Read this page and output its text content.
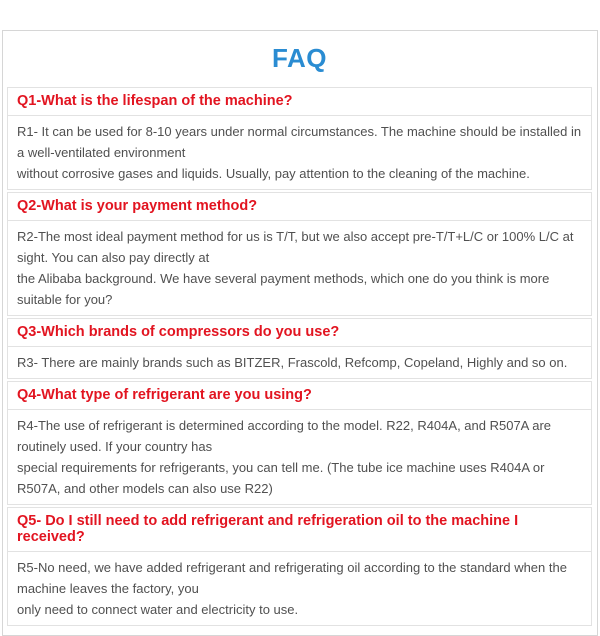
FAQ
Q1-What is the lifespan of the machine?
R1- It can be used for 8-10 years under normal circumstances. The machine should be installed in a well-ventilated environment
without corrosive gases and liquids. Usually, pay attention to the cleaning of the machine.
Q2-What is your payment method?
R2-The most ideal payment method for us is T/T, but we also accept pre-T/T+L/C or 100% L/C at sight. You can also pay directly at
the Alibaba background. We have several payment methods, which one do you think is more suitable for you?
Q3-Which brands of compressors do you use?
R3- There are mainly brands such as BITZER, Frascold, Refcomp, Copeland, Highly and so on.
Q4-What type of refrigerant are you using?
R4-The use of refrigerant is determined according to the model. R22, R404A, and R507A are routinely used. If your country has
special requirements for refrigerants, you can tell me. (The tube ice machine uses R404A or R507A, and other models can also use R22)
Q5- Do I still need to add refrigerant and refrigeration oil to the machine I received?
R5-No need, we have added refrigerant and refrigerating oil according to the standard when the machine leaves the factory, you
only need to connect water and electricity to use.
